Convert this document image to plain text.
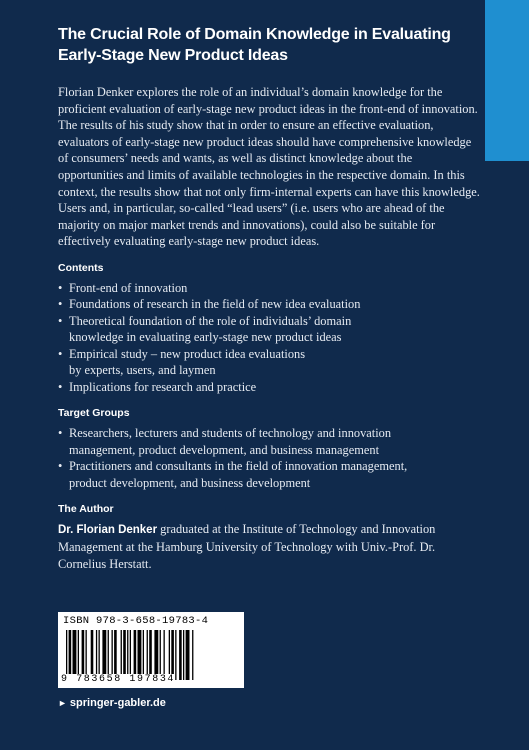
The Crucial Role of Domain Knowledge in Evaluating
Early-Stage New Product Ideas

Florian Denker explores the role of an individual’s domain knowledge for the proficient evaluation of early-stage new product ideas in the front-end of innovation. The results of his study show that in order to ensure an effective evaluation, evaluators of early-stage new product ideas should have comprehensive knowledge of consumers’ needs and wants, as well as distinct knowledge about the opportunities and limits of available technologies in the respective domain. In this context, the results show that not only firm-internal experts can have this knowledge. Users and, in particular, so-called “lead users” (i.e. users who are ahead of the majority on major market trends and innovations), could also be suitable for effectively evaluating early-stage new product ideas.

Contents
• Front-end of innovation
• Foundations of research in the field of new idea evaluation
• Theoretical foundation of the role of individuals’ domain
knowledge in evaluating early-stage new product ideas
• Empirical study – new product idea evaluations
by experts, users, and laymen
• Implications for research and practice
Target Groups
• Researchers, lecturers and students of technology and innovation
management, product development, and business management
• Practitioners and consultants in the field of innovation management,
product development, and business development
The Author

Dr. Florian Denker graduated at the Institute of Technology and Innovation Management at the Hamburg University of Technology with Univ.-Prof. Dr. Cornelius Herstatt.

ISBN 978-3-658-19783-4
9 783658 197834
► springer-gabler.de
